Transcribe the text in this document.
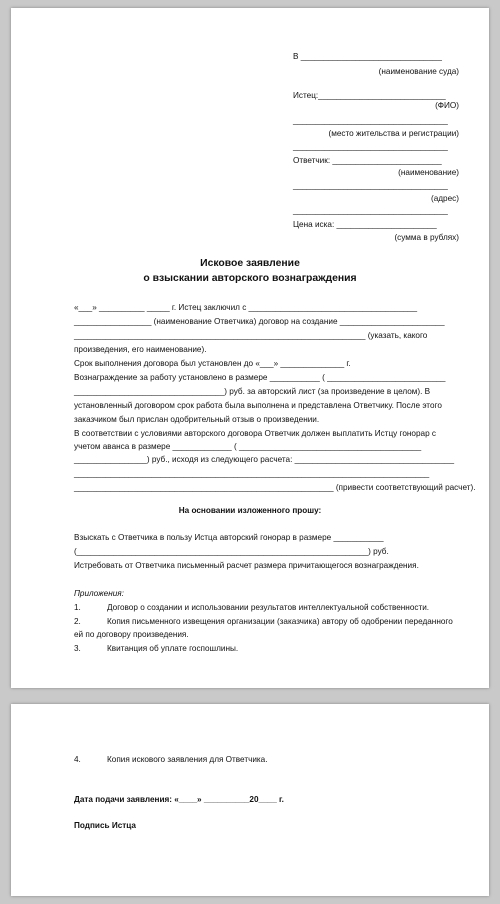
В _______________________________
(наименование суда)
Истец:____________________________
(ФИО)
__________________________________
(место жительства и регистрации)
__________________________________
Ответчик: ________________________
(наименование)
__________________________________
(адрес)
__________________________________
Цена иска: ______________________
(сумма в рублях)
Исковое заявление
о взыскании авторского вознаграждения
«___» __________ _____ г. Истец заключил с _____________________________________
_________________ (наименование Ответчика) договор на создание _______________________
________________________________________________________________ (указать, какого
произведения, его наименование).
Срок выполнения договора был установлен до «___» ______________ г.
Вознаграждение за работу установлено в размере ___________ ( __________________________
_________________________________) руб. за авторский лист (за произведение в целом). В
установленный договором срок работа была выполнена и представлена Ответчику. После этого
заказчиком был прислан одобрительный отзыв о произведении.
В соответствии с условиями авторского договора Ответчик должен выплатить Истцу гонорар с
учетом аванса в размере _____________ ( ________________________________________
________________) руб., исходя из следующего расчета: ___________________________________
______________________________________________________________________________
_________________________________________________________ (привести соответствующий расчет).
На основании изложенного прошу:
Взыскать с Ответчика в пользу Истца авторский гонорар в размере ___________
(________________________________________________________________) руб.
Истребовать от Ответчика письменный расчет размера причитающегося вознаграждения.
Приложения:
1.	Договор о создании и использовании результатов интеллектуальной собственности.
2.	Копия письменного извещения организации (заказчика) автору об одобрении переданного
ей по договору произведения.
3.	Квитанция об уплате госпошлины.
4.	Копия искового заявления для Ответчика.
Дата подачи заявления: «____» __________20____ г.
Подпись Истца
